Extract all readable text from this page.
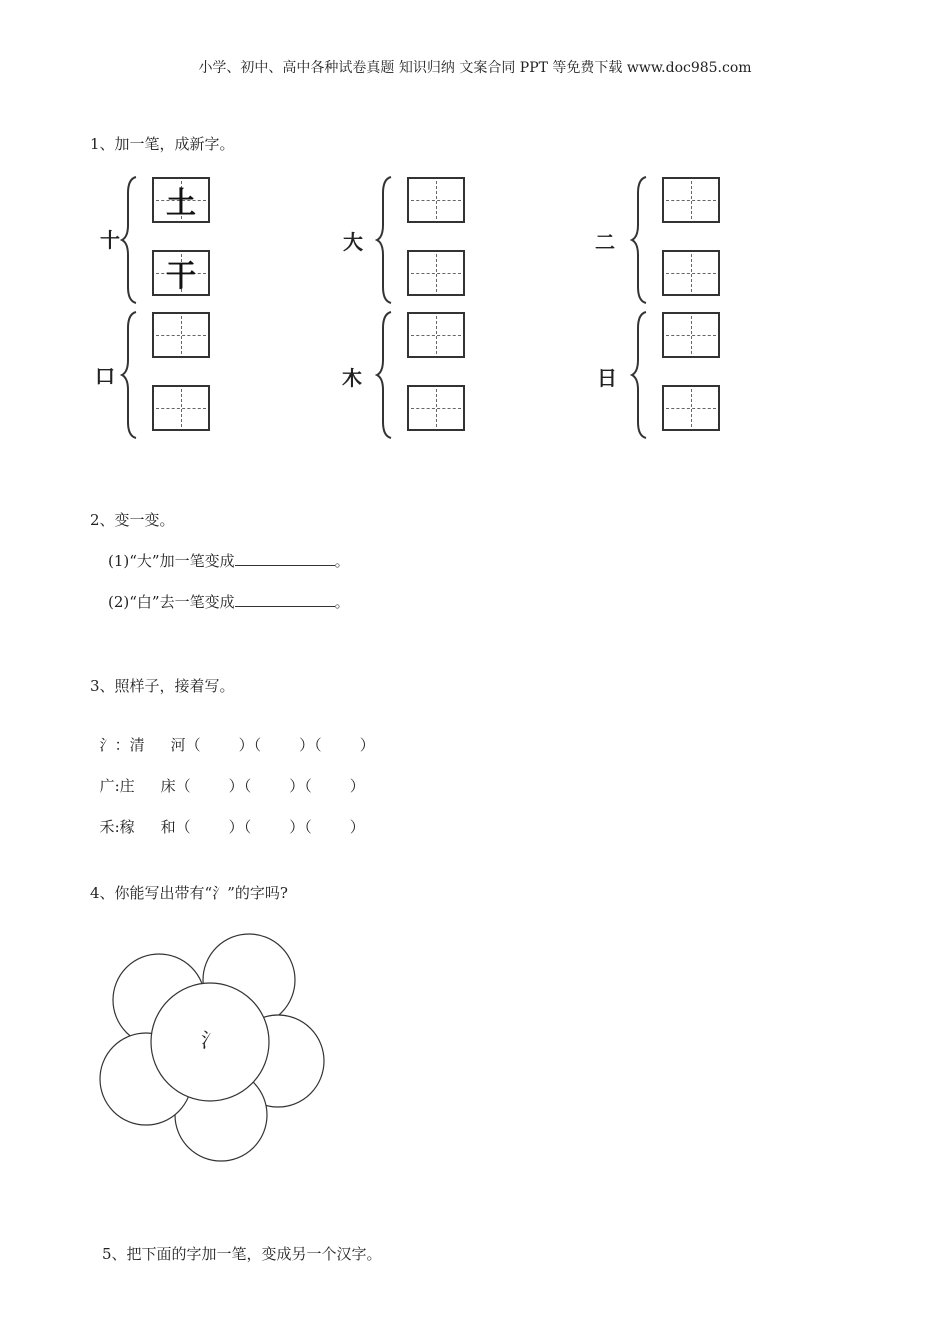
小学、初中、高中各种试卷真题 知识归纳 文案合同 PPT 等免费下载 www.doc985.com
1、加一笔，成新字。
十
土
干
大	二
口	木	日
2、变一变。
(1)“大”加一笔变成	。
(2)“白”去一笔变成	。
3、照样子，接着写。

氵：清 河（	）（	）（	）

广:庄 床（	）（	）（	）

禾:稼 和（	）（	）（	）

4、你能写出带有“氵”的字吗?
氵
5、把下面的字加一笔，变成另一个汉字。
